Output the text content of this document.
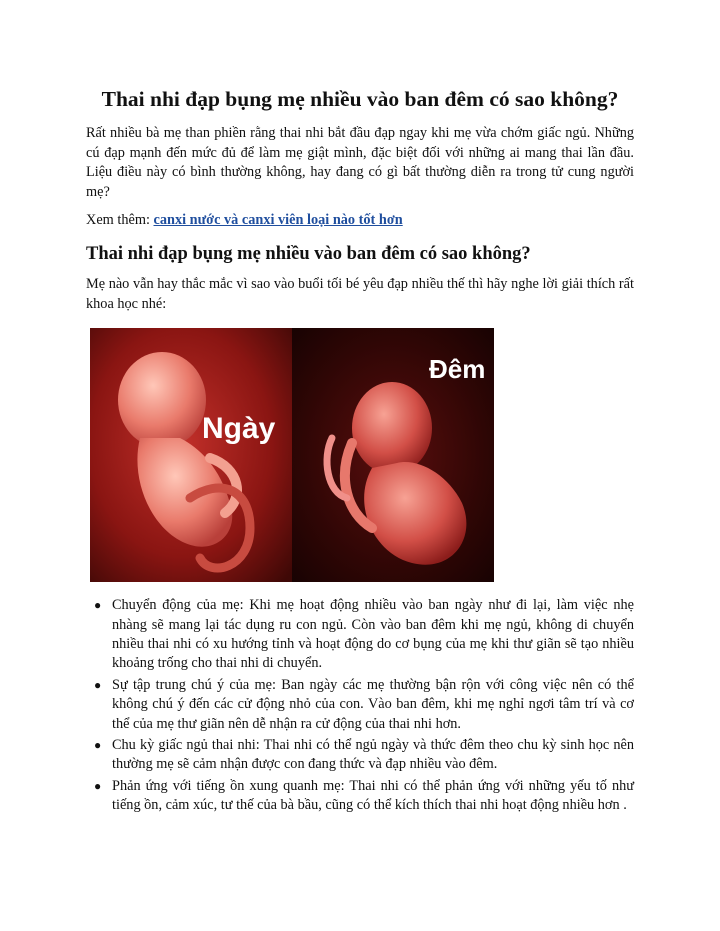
Thai nhi đạp bụng mẹ nhiều vào ban đêm có sao không?

Rất nhiều bà mẹ than phiền rằng thai nhi bắt đầu đạp ngay khi mẹ vừa chớm giấc ngủ. Những cú đạp mạnh đến mức đủ để làm mẹ giật mình, đặc biệt đối với những ai mang thai lần đầu. Liệu điều này có bình thường không, hay đang có gì bất thường diễn ra trong tử cung người mẹ?

Xem thêm: canxi nước và canxi viên loại nào tốt hơn

Thai nhi đạp bụng mẹ nhiều vào ban đêm có sao không?

Mẹ nào vẫn hay thắc mắc vì sao vào buổi tối bé yêu đạp nhiều thế thì hãy nghe lời giải thích rất khoa học nhé:

Ngày
Đêm
● Chuyển động của mẹ: Khi mẹ hoạt động nhiều vào ban ngày như đi lại, làm việc nhẹ nhàng sẽ mang lại tác dụng ru con ngủ. Còn vào ban đêm khi mẹ ngủ, không di chuyển nhiều thai nhi có xu hướng tỉnh và hoạt động do cơ bụng của mẹ khi thư giãn sẽ tạo nhiều khoảng trống cho thai nhi di chuyển.
● Sự tập trung chú ý của mẹ: Ban ngày các mẹ thường bận rộn với công việc nên có thể không chú ý đến các cử động nhỏ của con. Vào ban đêm, khi mẹ nghỉ ngơi tâm trí và cơ thể của mẹ thư giãn nên dễ nhận ra cử động của thai nhi hơn.
● Chu kỳ giấc ngủ thai nhi: Thai nhi có thể ngủ ngày và thức đêm theo chu kỳ sinh học nên thường mẹ sẽ cảm nhận được con đang thức và đạp nhiều vào đêm.
● Phản ứng với tiếng ồn xung quanh mẹ: Thai nhi có thể phản ứng với những yếu tố như tiếng ồn, cảm xúc, tư thế của bà bầu, cũng có thể kích thích thai nhi hoạt động nhiều hơn .
